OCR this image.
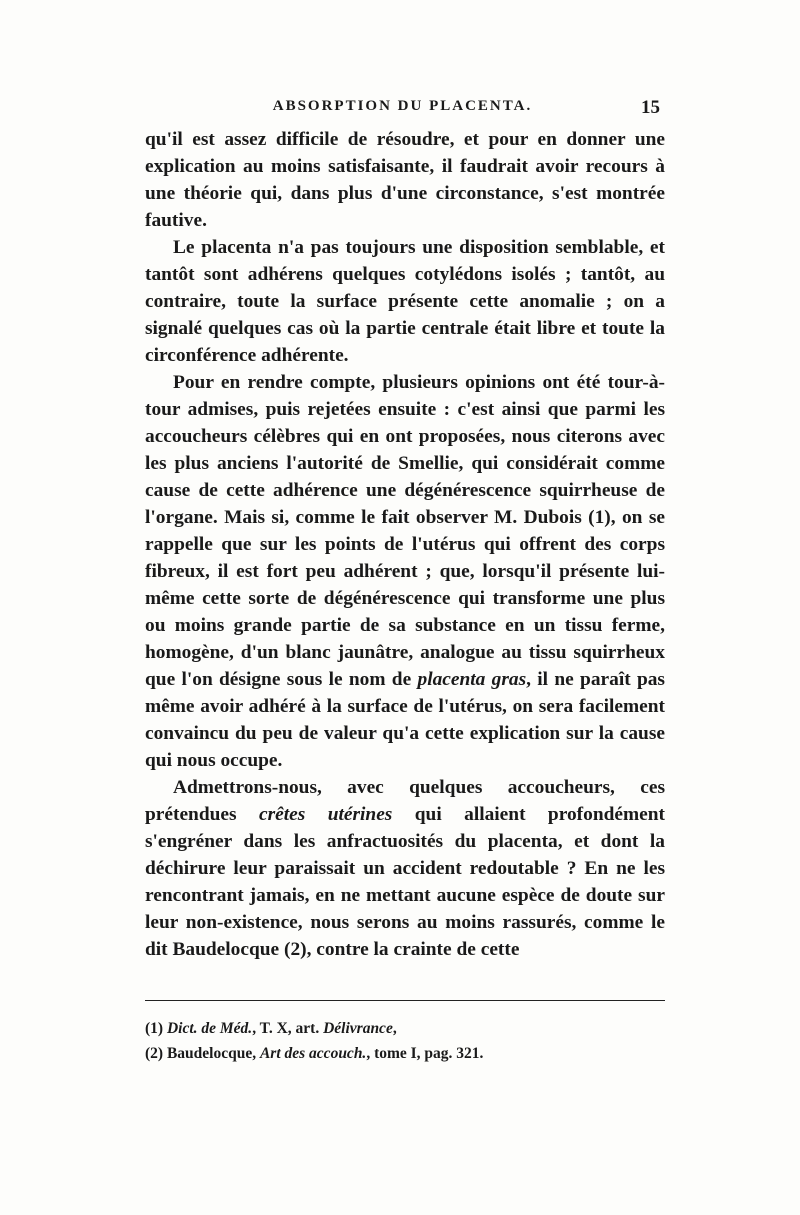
ABSORPTION DU PLACENTA.	15

qu'il est assez difficile de résoudre, et pour en donner une explication au moins satisfaisante, il faudrait avoir recours à une théorie qui, dans plus d'une circonstance, s'est montrée fautive.

Le placenta n'a pas toujours une disposition semblable, et tantôt sont adhérens quelques cotylédons isolés ; tantôt, au contraire, toute la surface présente cette anomalie ; on a signalé quelques cas où la partie centrale était libre et toute la circonférence adhérente.

Pour en rendre compte, plusieurs opinions ont été tour-à-tour admises, puis rejetées ensuite : c'est ainsi que parmi les accoucheurs célèbres qui en ont proposées, nous citerons avec les plus anciens l'autorité de Smellie, qui considérait comme cause de cette adhérence une dégénérescence squirrheuse de l'organe. Mais si, comme le fait observer M. Dubois (1), on se rappelle que sur les points de l'utérus qui offrent des corps fibreux, il est fort peu adhérent ; que, lorsqu'il présente lui-même cette sorte de dégénérescence qui transforme une plus ou moins grande partie de sa substance en un tissu ferme, homogène, d'un blanc jaunâtre, analogue au tissu squirrheux que l'on désigne sous le nom de placenta gras, il ne paraît pas même avoir adhéré à la surface de l'utérus, on sera facilement convaincu du peu de valeur qu'a cette explication sur la cause qui nous occupe.

Admettrons-nous, avec quelques accoucheurs, ces prétendues crêtes utérines qui allaient profondément s'engréner dans les anfractuosités du placenta, et dont la déchirure leur paraissait un accident redoutable ? En ne les rencontrant jamais, en ne mettant aucune espèce de doute sur leur non-existence, nous serons au moins rassurés, comme le dit Baudelocque (2), contre la crainte de cette

(1) Dict. de Méd., T. X, art. Délivrance,
(2) Baudelocque, Art des accouch., tome I, pag. 321.
